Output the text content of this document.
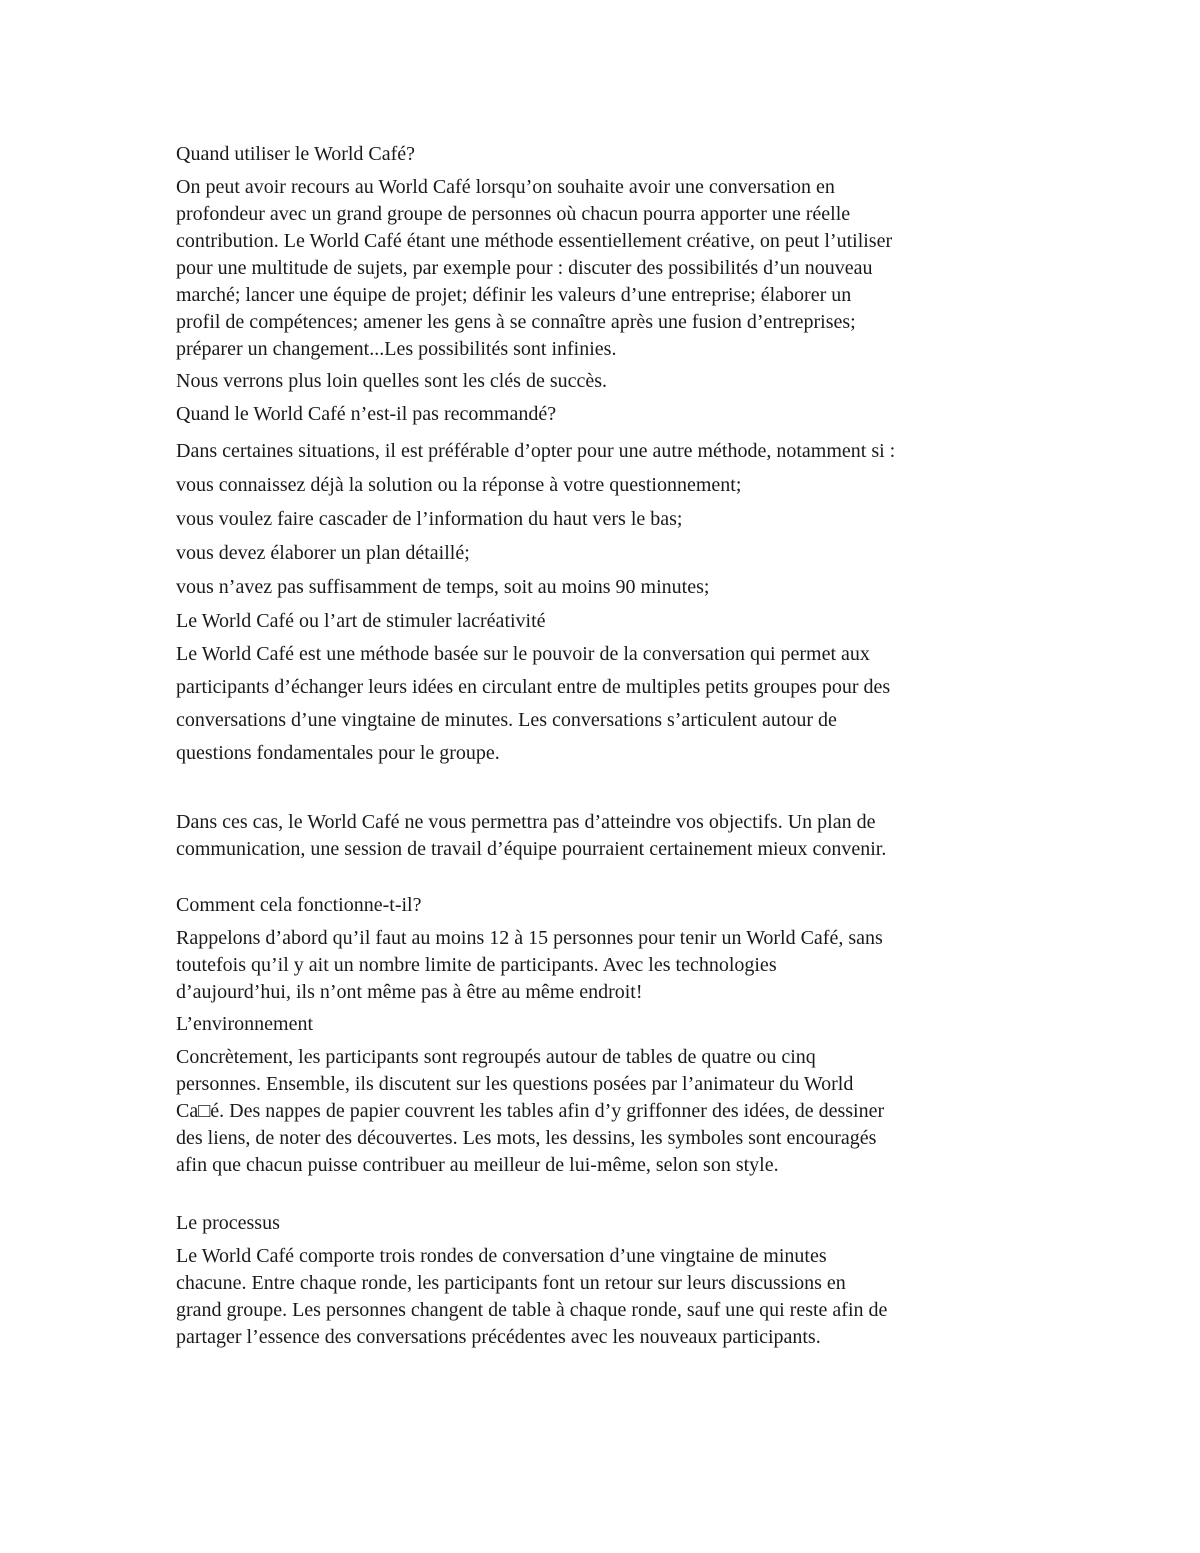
Quand utiliser le World Café?
On peut avoir recours au World Café lorsqu’on souhaite avoir une conversation en
profondeur avec un grand groupe de personnes où chacun pourra apporter une réelle
contribution. Le World Café étant une méthode essentiellement créative, on peut l’utiliser
pour une multitude de sujets, par exemple pour : discuter des possibilités d’un nouveau
marché; lancer une équipe de projet; définir les valeurs d’une entreprise; élaborer un
profil de compétences; amener les gens à se connaître après une fusion d’entreprises;
préparer un changement...Les possibilités sont infinies.
Nous verrons plus loin quelles sont les clés de succès.
Quand le World Café n’est-il pas recommandé?
Dans certaines situations, il est préférable d’opter pour une autre méthode, notamment si :
vous connaissez déjà la solution ou la réponse à votre questionnement;
vous voulez faire cascader de l’information du haut vers le bas;
vous devez élaborer un plan détaillé;
vous n’avez pas suffisamment de temps, soit au moins 90 minutes;
Le World Café ou l’art de stimuler lacréativité
Le World Café est une méthode basée sur le pouvoir de la conversation qui permet aux
participants d’échanger leurs idées en circulant entre de multiples petits groupes pour des
conversations d’une vingtaine de minutes. Les conversations s’articulent autour de
questions fondamentales pour le groupe.
Dans ces cas, le World Café ne vous permettra pas d’atteindre vos objectifs. Un plan de
communication, une session de travail d’équipe pourraient certainement mieux convenir.
Comment cela fonctionne-t-il?
Rappelons d’abord qu’il faut au moins 12 à 15 personnes pour tenir un World Café, sans
toutefois qu’il y ait un nombre limite de participants. Avec les technologies
d’aujourd’hui, ils n’ont même pas à être au même endroit!
L’environnement
Concrètement, les participants sont regroupés autour de tables de quatre ou cinq
personnes. Ensemble, ils discutent sur les questions posées par l’animateur du World
Ca□é. Des nappes de papier couvrent les tables afin d’y griffonner des idées, de dessiner
des liens, de noter des découvertes. Les mots, les dessins, les symboles sont encouragés
afin que chacun puisse contribuer au meilleur de lui-même, selon son style.
Le processus
Le World Café comporte trois rondes de conversation d’une vingtaine de minutes
chacune. Entre chaque ronde, les participants font un retour sur leurs discussions en
grand groupe. Les personnes changent de table à chaque ronde, sauf une qui reste afin de
partager l’essence des conversations précédentes avec les nouveaux participants.
